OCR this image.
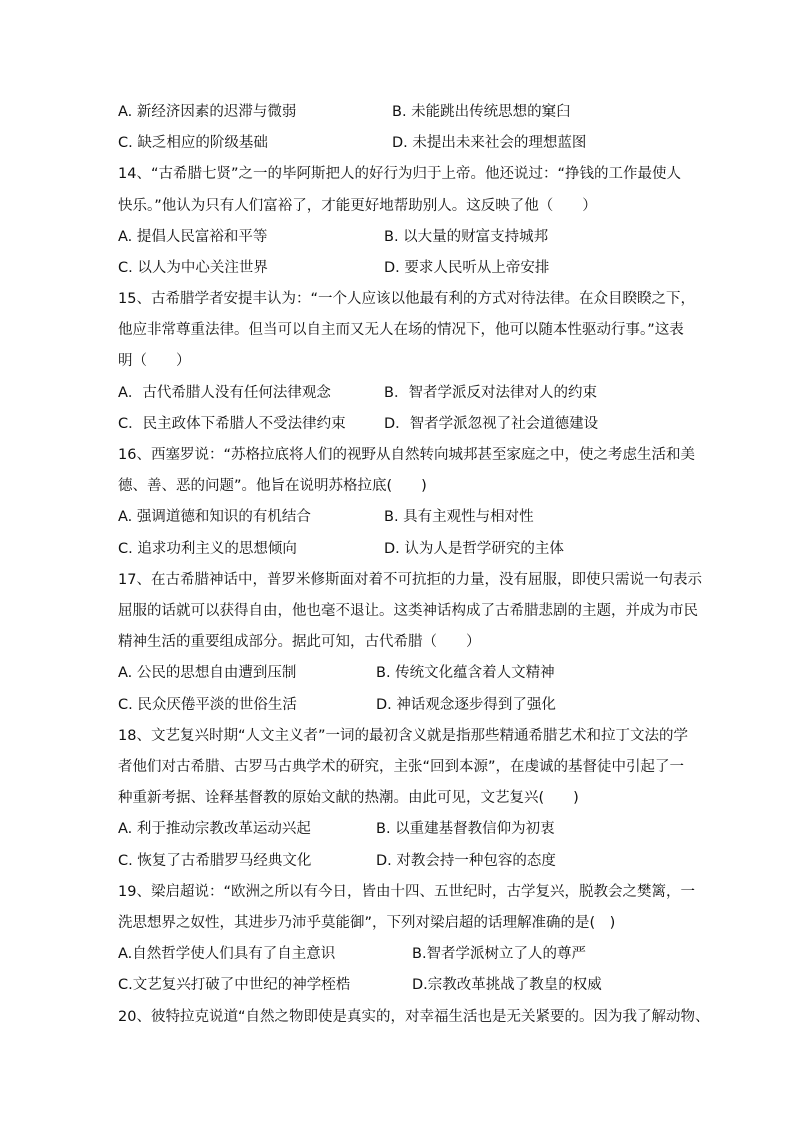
A. 新经济因素的迟滞与微弱	B. 未能跳出传统思想的窠臼
C. 缺乏相应的阶级基础	D. 未提出未来社会的理想蓝图
14、“古希腊七贤”之一的毕阿斯把人的好行为归于上帝。他还说过：“挣钱的工作最使人
快乐。”他认为只有人们富裕了，才能更好地帮助别人。这反映了他（　　）
A. 提倡人民富裕和平等	B. 以大量的财富支持城邦
C. 以人为中心关注世界	D. 要求人民听从上帝安排
15、古希腊学者安提丰认为：“一个人应该以他最有利的方式对待法律。在众目睽睽之下，
他应非常尊重法律。但当可以自主而又无人在场的情况下，他可以随本性驱动行事。”这表
明（　　）
A．古代希腊人没有任何法律观念	B．智者学派反对法律对人的约束
C．民主政体下希腊人不受法律约束	D．智者学派忽视了社会道德建设
16、西塞罗说：“苏格拉底将人们的视野从自然转向城邦甚至家庭之中，使之考虑生活和美
德、善、恶的问题”。他旨在说明苏格拉底(　　)
A. 强调道德和知识的有机结合	B. 具有主观性与相对性
C. 追求功利主义的思想倾向	D. 认为人是哲学研究的主体
17、在古希腊神话中，普罗米修斯面对着不可抗拒的力量，没有屈服，即使只需说一句表示
屈服的话就可以获得自由，他也毫不退让。这类神话构成了古希腊悲剧的主题，并成为市民
精神生活的重要组成部分。据此可知，古代希腊（　　）
A. 公民的思想自由遭到压制	B. 传统文化蕴含着人文精神
C. 民众厌倦平淡的世俗生活	D. 神话观念逐步得到了强化
18、文艺复兴时期“人文主义者”一词的最初含义就是指那些精通希腊艺术和拉丁文法的学
者他们对古希腊、古罗马古典学术的研究，主张“回到本源”，在虔诚的基督徒中引起了一
种重新考据、诠释基督教的原始文献的热潮。由此可见，文艺复兴(　　)
A. 利于推动宗教改革运动兴起	B. 以重建基督教信仰为初衷
C. 恢复了古希腊罗马经典文化	D. 对教会持一种包容的态度
19、梁启超说：“欧洲之所以有今日，皆由十四、五世纪时，古学复兴，脱教会之樊篱，一
洗思想界之奴性，其进步乃沛乎莫能御”，下列对梁启超的话理解准确的是(　)
A.自然哲学使人们具有了自主意识	B.智者学派树立了人的尊严
C.文艺复兴打破了中世纪的神学桎梏	D.宗教改革挑战了教皇的权威
20、彼特拉克说道“自然之物即使是真实的，对幸福生活也是无关紧要的。因为我了解动物、
